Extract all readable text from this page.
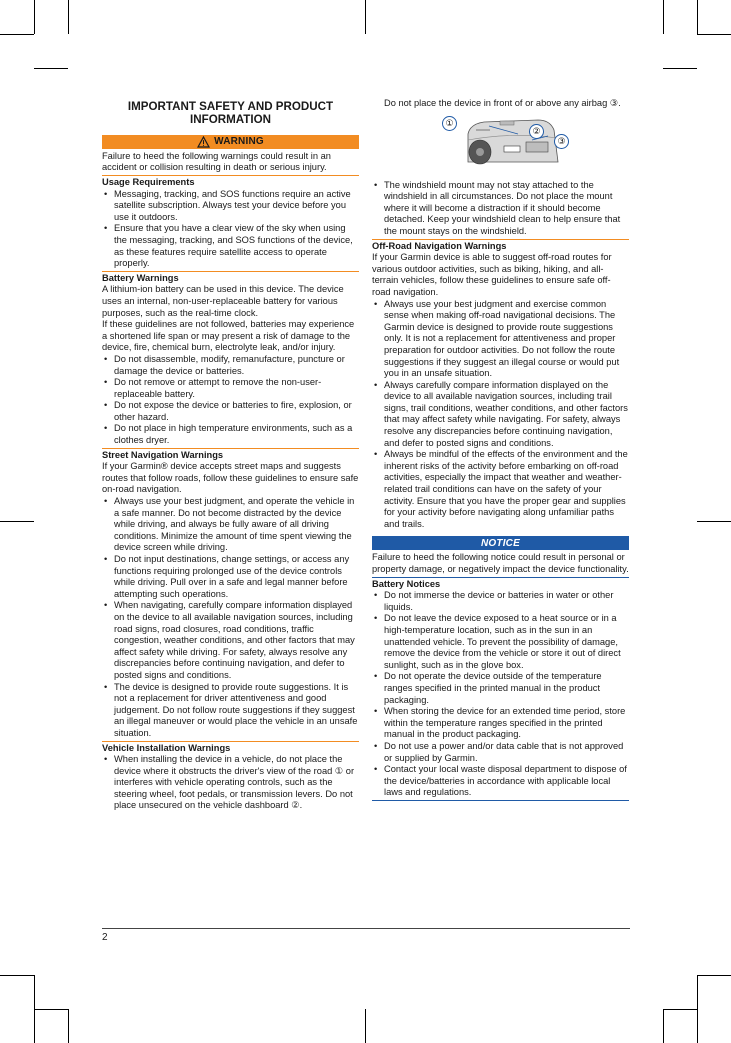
IMPORTANT SAFETY AND PRODUCT INFORMATION
WARNING
Failure to heed the following warnings could result in an accident or collision resulting in death or serious injury.
Usage Requirements
• Messaging, tracking, and SOS functions require an active satellite subscription. Always test your device before you use it outdoors.
• Ensure that you have a clear view of the sky when using the messaging, tracking, and SOS functions of the device, as these features require satellite access to operate properly.
Battery Warnings
A lithium-ion battery can be used in this device. The device uses an internal, non-user-replaceable battery for various purposes, such as the real-time clock.
If these guidelines are not followed, batteries may experience a shortened life span or may present a risk of damage to the device, fire, chemical burn, electrolyte leak, and/or injury.
• Do not disassemble, modify, remanufacture, puncture or damage the device or batteries.
• Do not remove or attempt to remove the non-user-replaceable battery.
• Do not expose the device or batteries to fire, explosion, or other hazard.
• Do not place in high temperature environments, such as a clothes dryer.
Street Navigation Warnings
If your Garmin® device accepts street maps and suggests routes that follow roads, follow these guidelines to ensure safe on-road navigation.
• Always use your best judgment, and operate the vehicle in a safe manner. Do not become distracted by the device while driving, and always be fully aware of all driving conditions. Minimize the amount of time spent viewing the device screen while driving.
• Do not input destinations, change settings, or access any functions requiring prolonged use of the device controls while driving. Pull over in a safe and legal manner before attempting such operations.
• When navigating, carefully compare information displayed on the device to all available navigation sources, including road signs, road closures, road conditions, traffic congestion, weather conditions, and other factors that may affect safety while driving. For safety, always resolve any discrepancies before continuing navigation, and defer to posted signs and conditions.
• The device is designed to provide route suggestions. It is not a replacement for driver attentiveness and good judgement. Do not follow route suggestions if they suggest an illegal maneuver or would place the vehicle in an unsafe situation.
Vehicle Installation Warnings
• When installing the device in a vehicle, do not place the device where it obstructs the driver's view of the road ① or interferes with vehicle operating controls, such as the steering wheel, foot pedals, or transmission levers. Do not place unsecured on the vehicle dashboard ②.
Do not place the device in front of or above any airbag ③.
①
②
③
• The windshield mount may not stay attached to the windshield in all circumstances. Do not place the mount where it will become a distraction if it should become detached. Keep your windshield clean to help ensure that the mount stays on the windshield.
Off-Road Navigation Warnings
If your Garmin device is able to suggest off-road routes for various outdoor activities, such as biking, hiking, and all-terrain vehicles, follow these guidelines to ensure safe off-road navigation.
• Always use your best judgment and exercise common sense when making off-road navigational decisions. The Garmin device is designed to provide route suggestions only. It is not a replacement for attentiveness and proper preparation for outdoor activities. Do not follow the route suggestions if they suggest an illegal course or would put you in an unsafe situation.
• Always carefully compare information displayed on the device to all available navigation sources, including trail signs, trail conditions, weather conditions, and other factors that may affect safety while navigating. For safety, always resolve any discrepancies before continuing navigation, and defer to posted signs and conditions.
• Always be mindful of the effects of the environment and the inherent risks of the activity before embarking on off-road activities, especially the impact that weather and weather-related trail conditions can have on the safety of your activity. Ensure that you have the proper gear and supplies for your activity before navigating along unfamiliar paths and trails.
NOTICE
Failure to heed the following notice could result in personal or property damage, or negatively impact the device functionality.
Battery Notices
• Do not immerse the device or batteries in water or other liquids.
• Do not leave the device exposed to a heat source or in a high-temperature location, such as in the sun in an unattended vehicle. To prevent the possibility of damage, remove the device from the vehicle or store it out of direct sunlight, such as in the glove box.
• Do not operate the device outside of the temperature ranges specified in the printed manual in the product packaging.
• When storing the device for an extended time period, store within the temperature ranges specified in the printed manual in the product packaging.
• Do not use a power and/or data cable that is not approved or supplied by Garmin.
• Contact your local waste disposal department to dispose of the device/batteries in accordance with applicable local laws and regulations.
2
